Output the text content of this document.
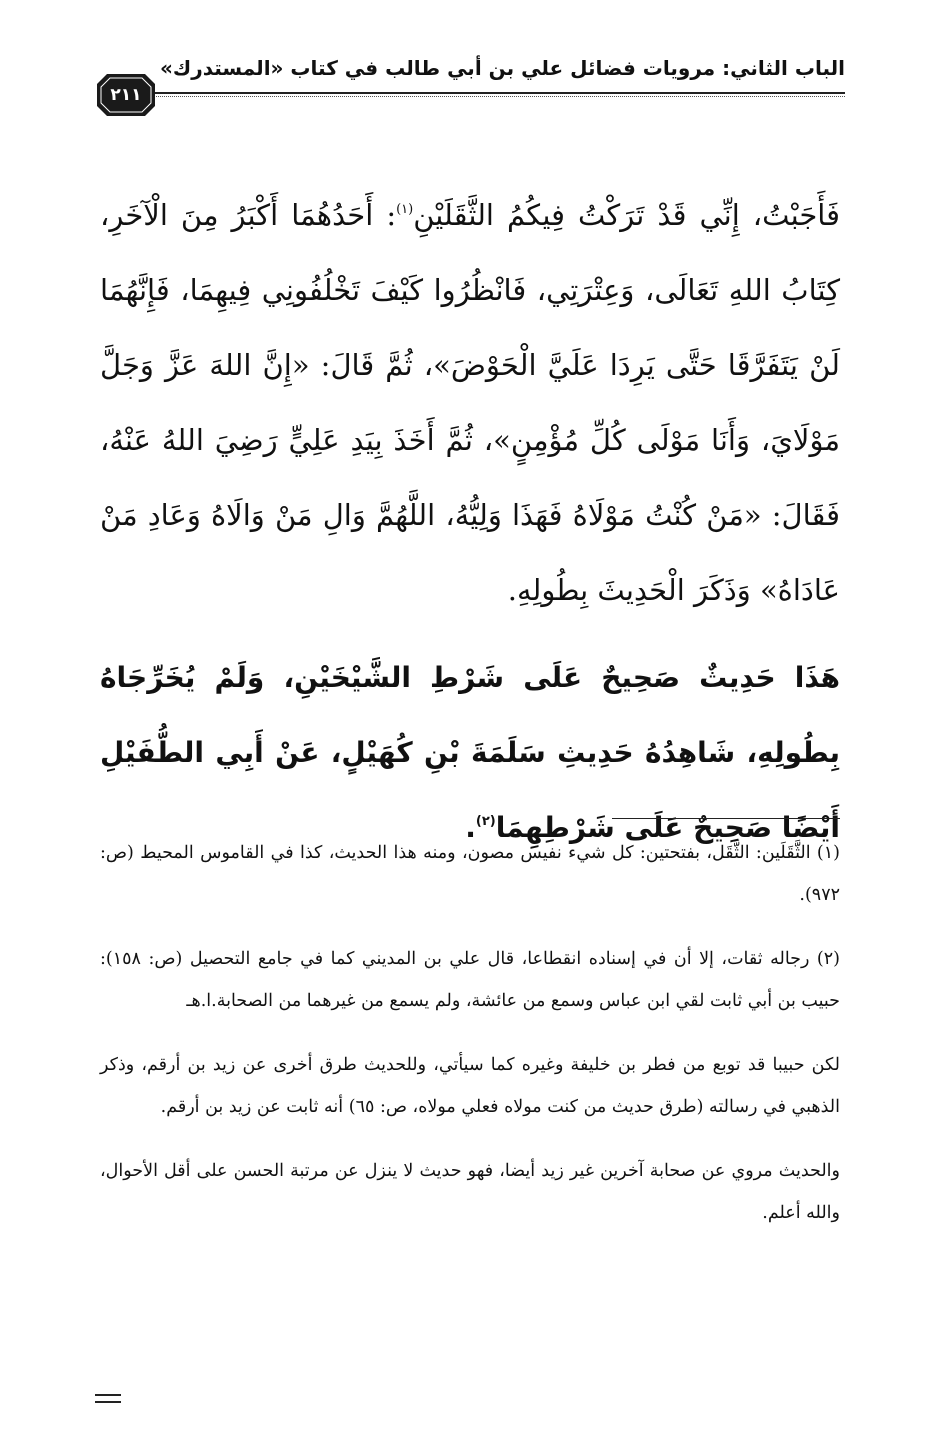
الباب الثاني: مرويات فضائل علي بن أبي طالب في كتاب «المستدرك»
٢١١

فَأَجَبْتُ، إِنِّي قَدْ تَرَكْتُ فِيكُمُ الثَّقَلَيْنِ$^{(١)}$: أَحَدُهُمَا أَكْبَرُ مِنَ الْآخَرِ، كِتَابُ اللهِ تَعَالَى، وَعِتْرَتِي، فَانْظُرُوا كَيْفَ تَخْلُفُونِي فِيهِمَا، فَإِنَّهُمَا لَنْ يَتَفَرَّقَا حَتَّى يَرِدَا عَلَيَّ الْحَوْضَ»، ثُمَّ قَالَ: «إِنَّ اللهَ عَزَّ وَجَلَّ مَوْلَايَ، وَأَنَا مَوْلَى كُلِّ مُؤْمِنٍ»، ثُمَّ أَخَذَ بِيَدِ عَلِيٍّ رَضِيَ اللهُ عَنْهُ، فَقَالَ: «مَنْ كُنْتُ مَوْلَاهُ فَهَذَا وَلِيُّهُ، اللَّهُمَّ وَالِ مَنْ وَالَاهُ وَعَادِ مَنْ عَادَاهُ» وَذَكَرَ الْحَدِيثَ بِطُولِهِ.

هَذَا حَدِيثٌ صَحِيحٌ عَلَى شَرْطِ الشَّيْخَيْنِ، وَلَمْ يُخَرِّجَاهُ بِطُولِهِ، شَاهِدُهُ حَدِيثِ سَلَمَةَ بْنِ كُهَيْلٍ، عَنْ أَبِي الطُّفَيْلِ أَيْضًا صَحِيحٌ عَلَى شَرْطِهِمَا$^{(٢)}$.

(١) الثَّقَلَين: الثَّقَل، بفتحتين: كل شيء نفيس مصون، ومنه هذا الحديث، كذا في القاموس المحيط (ص: ٩٧٢).

(٢) رجاله ثقات، إلا أن في إسناده انقطاعا، قال علي بن المديني كما في جامع التحصيل (ص: ١٥٨): حبيب بن أبي ثابت لقي ابن عباس وسمع من عائشة، ولم يسمع من غيرهما من الصحابة.ا.هـ

لكن حبيبا قد توبع من فطر بن خليفة وغيره كما سيأتي، وللحديث طرق أخرى عن زيد بن أرقم، وذكر الذهبي في رسالته (طرق حديث من كنت مولاه فعلي مولاه، ص: ٦٥) أنه ثابت عن زيد بن أرقم.

والحديث مروي عن صحابة آخرين غير زيد أيضا، فهو حديث لا ينزل عن مرتبة الحسن على أقل الأحوال، والله أعلم.
